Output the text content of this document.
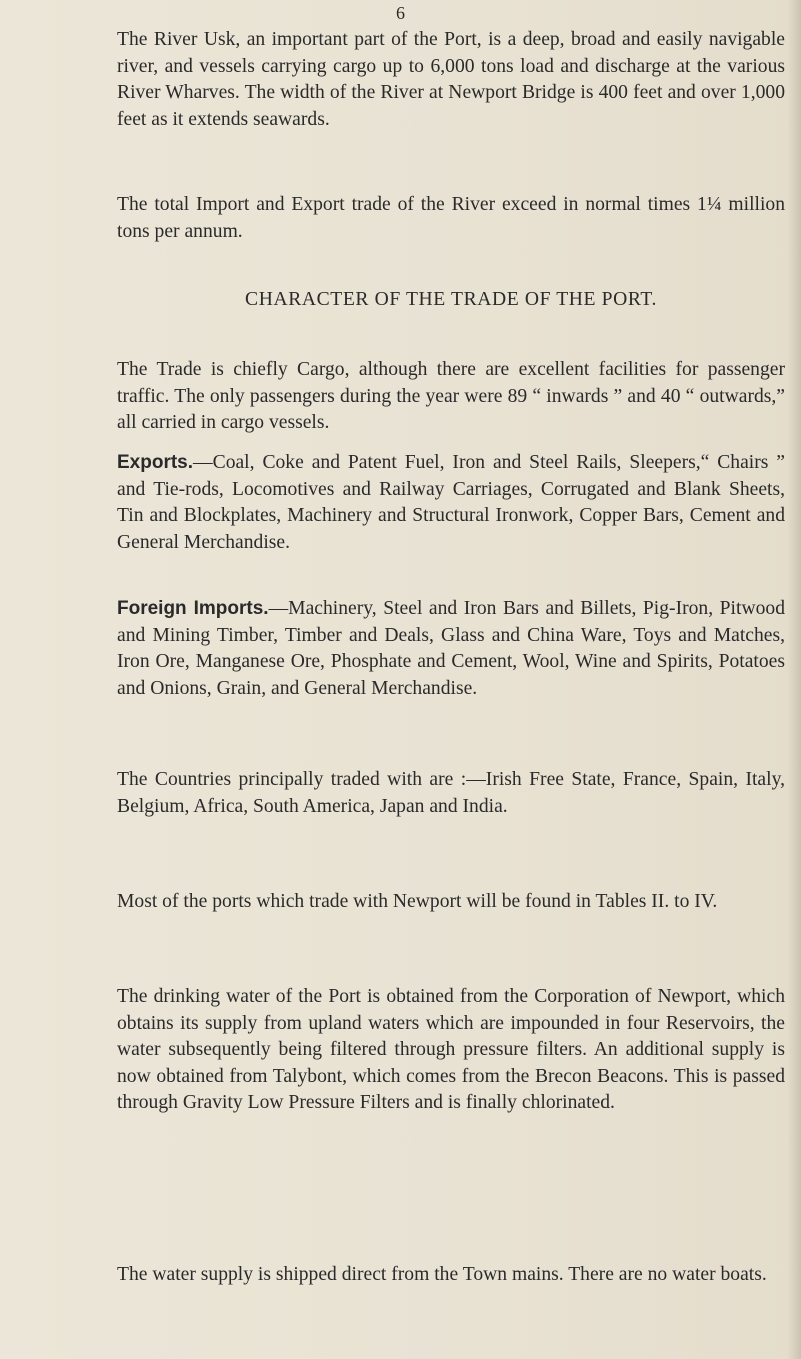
6

The River Usk, an important part of the Port, is a deep, broad and easily navigable river, and vessels carrying cargo up to 6,000 tons load and discharge at the various River Wharves. The width of the River at Newport Bridge is 400 feet and over 1,000 feet as it extends seawards.

The total Import and Export trade of the River exceed in normal times 1¼ million tons per annum.

CHARACTER OF THE TRADE OF THE PORT.

The Trade is chiefly Cargo, although there are excellent facilities for passenger traffic. The only passengers during the year were 89 “ inwards ” and 40 “ outwards,” all carried in cargo vessels.

Exports.—Coal, Coke and Patent Fuel, Iron and Steel Rails, Sleepers,“ Chairs ” and Tie-rods, Locomotives and Railway Carriages, Corrugated and Blank Sheets, Tin and Blockplates, Machinery and Structural Ironwork, Copper Bars, Cement and General Merchandise.

Foreign Imports.—Machinery, Steel and Iron Bars and Billets, Pig-Iron, Pitwood and Mining Timber, Timber and Deals, Glass and China Ware, Toys and Matches, Iron Ore, Manganese Ore, Phosphate and Cement, Wool, Wine and Spirits, Potatoes and Onions, Grain, and General Merchandise.

The Countries principally traded with are :—Irish Free State, France, Spain, Italy, Belgium, Africa, South America, Japan and India.

Most of the ports which trade with Newport will be found in Tables II. to IV.

The drinking water of the Port is obtained from the Corporation of Newport, which obtains its supply from upland waters which are impounded in four Reservoirs, the water subsequently being filtered through pressure filters. An additional supply is now obtained from Talybont, which comes from the Brecon Beacons. This is passed through Gravity Low Pressure Filters and is finally chlorinated.

The water supply is shipped direct from the Town mains. There are no water boats.
